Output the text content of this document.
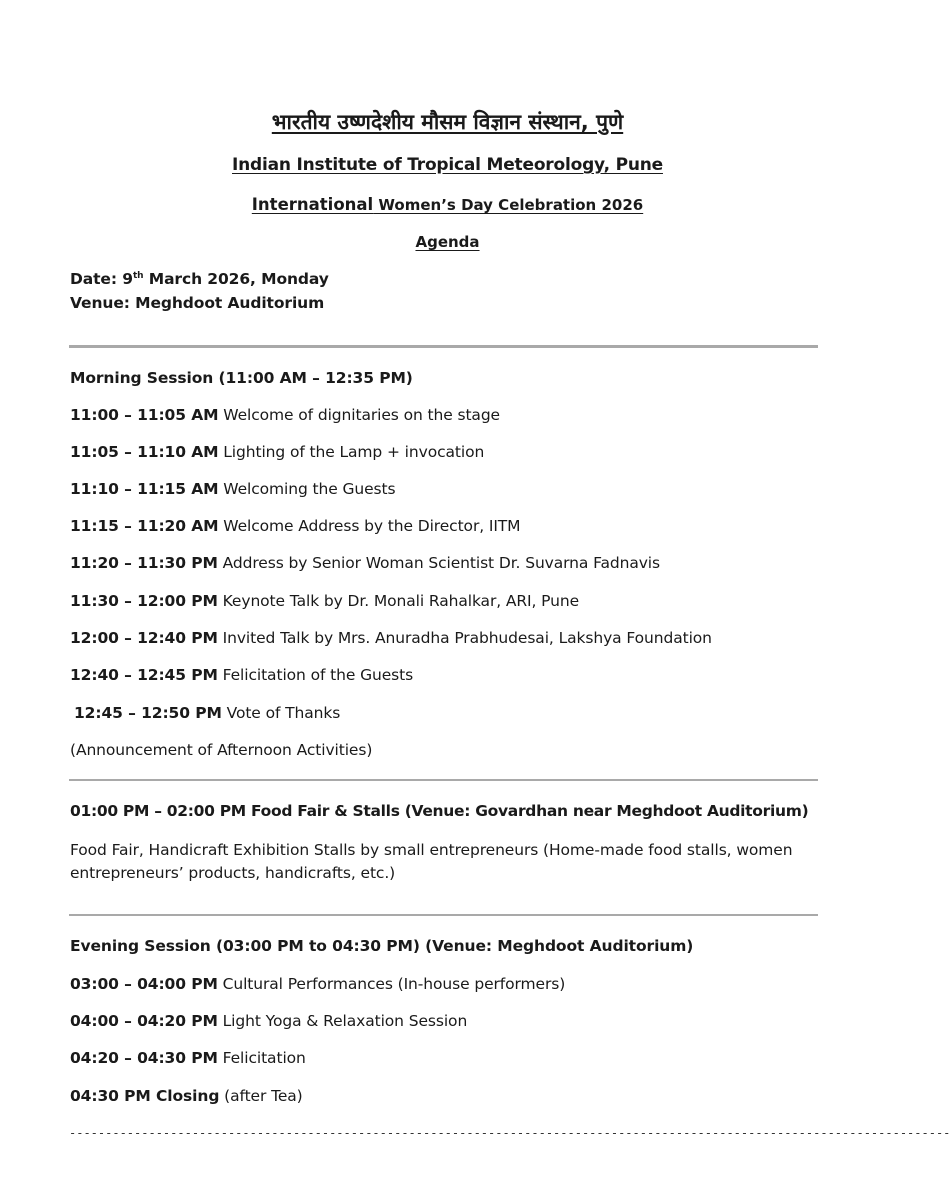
भारतीय उष्णदेशीय मौसम विज्ञान संस्थान, पुणे
Indian Institute of Tropical Meteorology, Pune
International Women’s Day Celebration 2026
Agenda
Date: 9th March 2026, Monday
Venue: Meghdoot Auditorium
Morning Session (11:00 AM – 12:35 PM)
11:00 – 11:05 AM Welcome of dignitaries on the stage
11:05 – 11:10 AM Lighting of the Lamp + invocation
11:10 – 11:15 AM Welcoming the Guests
11:15 – 11:20 AM Welcome Address by the Director, IITM
11:20 – 11:30 PM Address by Senior Woman Scientist Dr. Suvarna Fadnavis
11:30 – 12:00 PM Keynote Talk by Dr. Monali Rahalkar, ARI, Pune
12:00 – 12:40 PM Invited Talk by Mrs. Anuradha Prabhudesai, Lakshya Foundation
12:40 – 12:45 PM Felicitation of the Guests
12:45 – 12:50 PM Vote of Thanks
(Announcement of Afternoon Activities)
01:00 PM – 02:00 PM Food Fair & Stalls (Venue: Govardhan near Meghdoot Auditorium)
Food Fair, Handicraft Exhibition Stalls by small entrepreneurs (Home-made food stalls, women entrepreneurs’ products, handicrafts, etc.)
Evening Session (03:00 PM to 04:30 PM) (Venue: Meghdoot Auditorium)
03:00 – 04:00 PM Cultural Performances (In-house performers)
04:00 – 04:20 PM Light Yoga & Relaxation Session
04:20 – 04:30 PM Felicitation
04:30 PM Closing (after Tea)
--------------------------------------------------------------------------------------------------------------------------
